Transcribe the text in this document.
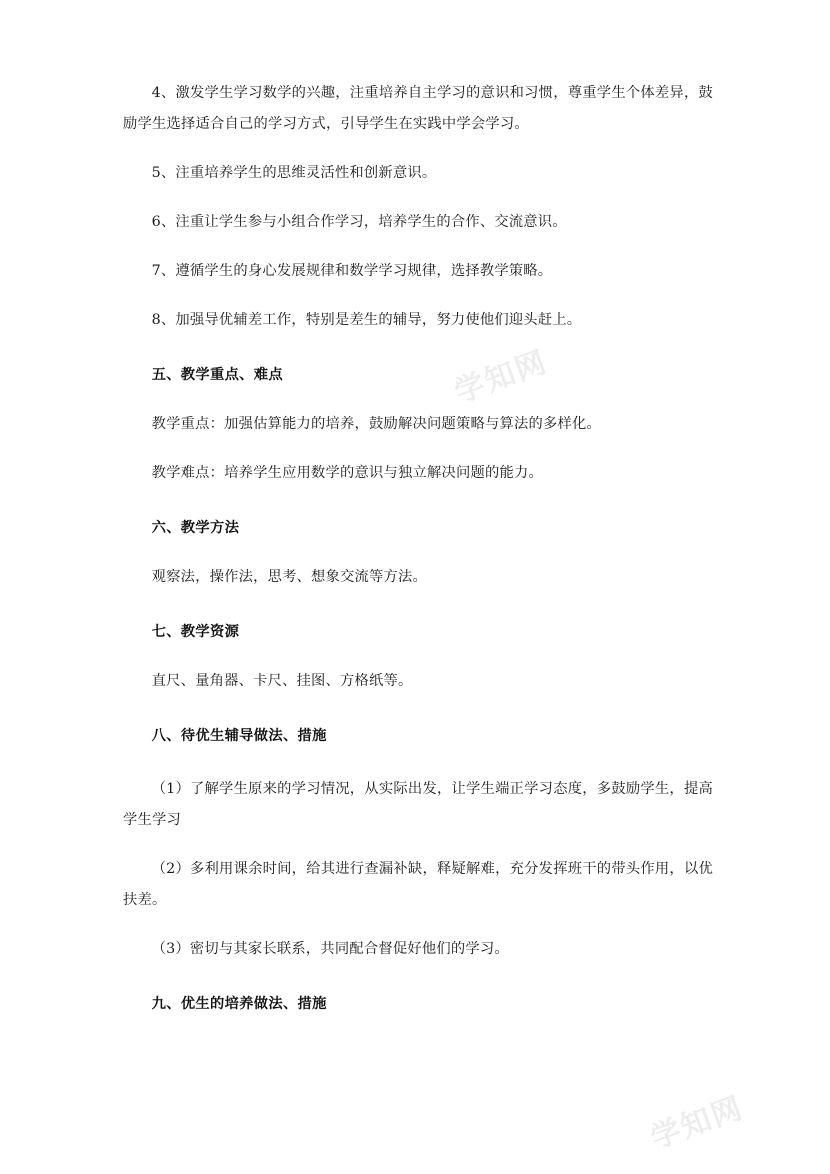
学知网
学知网

4、激发学生学习数学的兴趣，注重培养自主学习的意识和习惯，尊重学生个体差异，鼓励学生选择适合自己的学习方式，引导学生在实践中学会学习。

5、注重培养学生的思维灵活性和创新意识。

6、注重让学生参与小组合作学习，培养学生的合作、交流意识。

7、遵循学生的身心发展规律和数学学习规律，选择教学策略。

8、加强导优辅差工作，特别是差生的辅导，努力使他们迎头赶上。

五、教学重点、难点

教学重点：加强估算能力的培养，鼓励解决问题策略与算法的多样化。

教学难点：培养学生应用数学的意识与独立解决问题的能力。

六、教学方法

观察法，操作法，思考、想象交流等方法。

七、教学资源

直尺、量角器、卡尺、挂图、方格纸等。

八、待优生辅导做法、措施

（1）了解学生原来的学习情况，从实际出发，让学生端正学习态度，多鼓励学生，提高学生学习

（2）多利用课余时间，给其进行查漏补缺，释疑解难，充分发挥班干的带头作用，以优扶差。

（3）密切与其家长联系，共同配合督促好他们的学习。

九、优生的培养做法、措施
